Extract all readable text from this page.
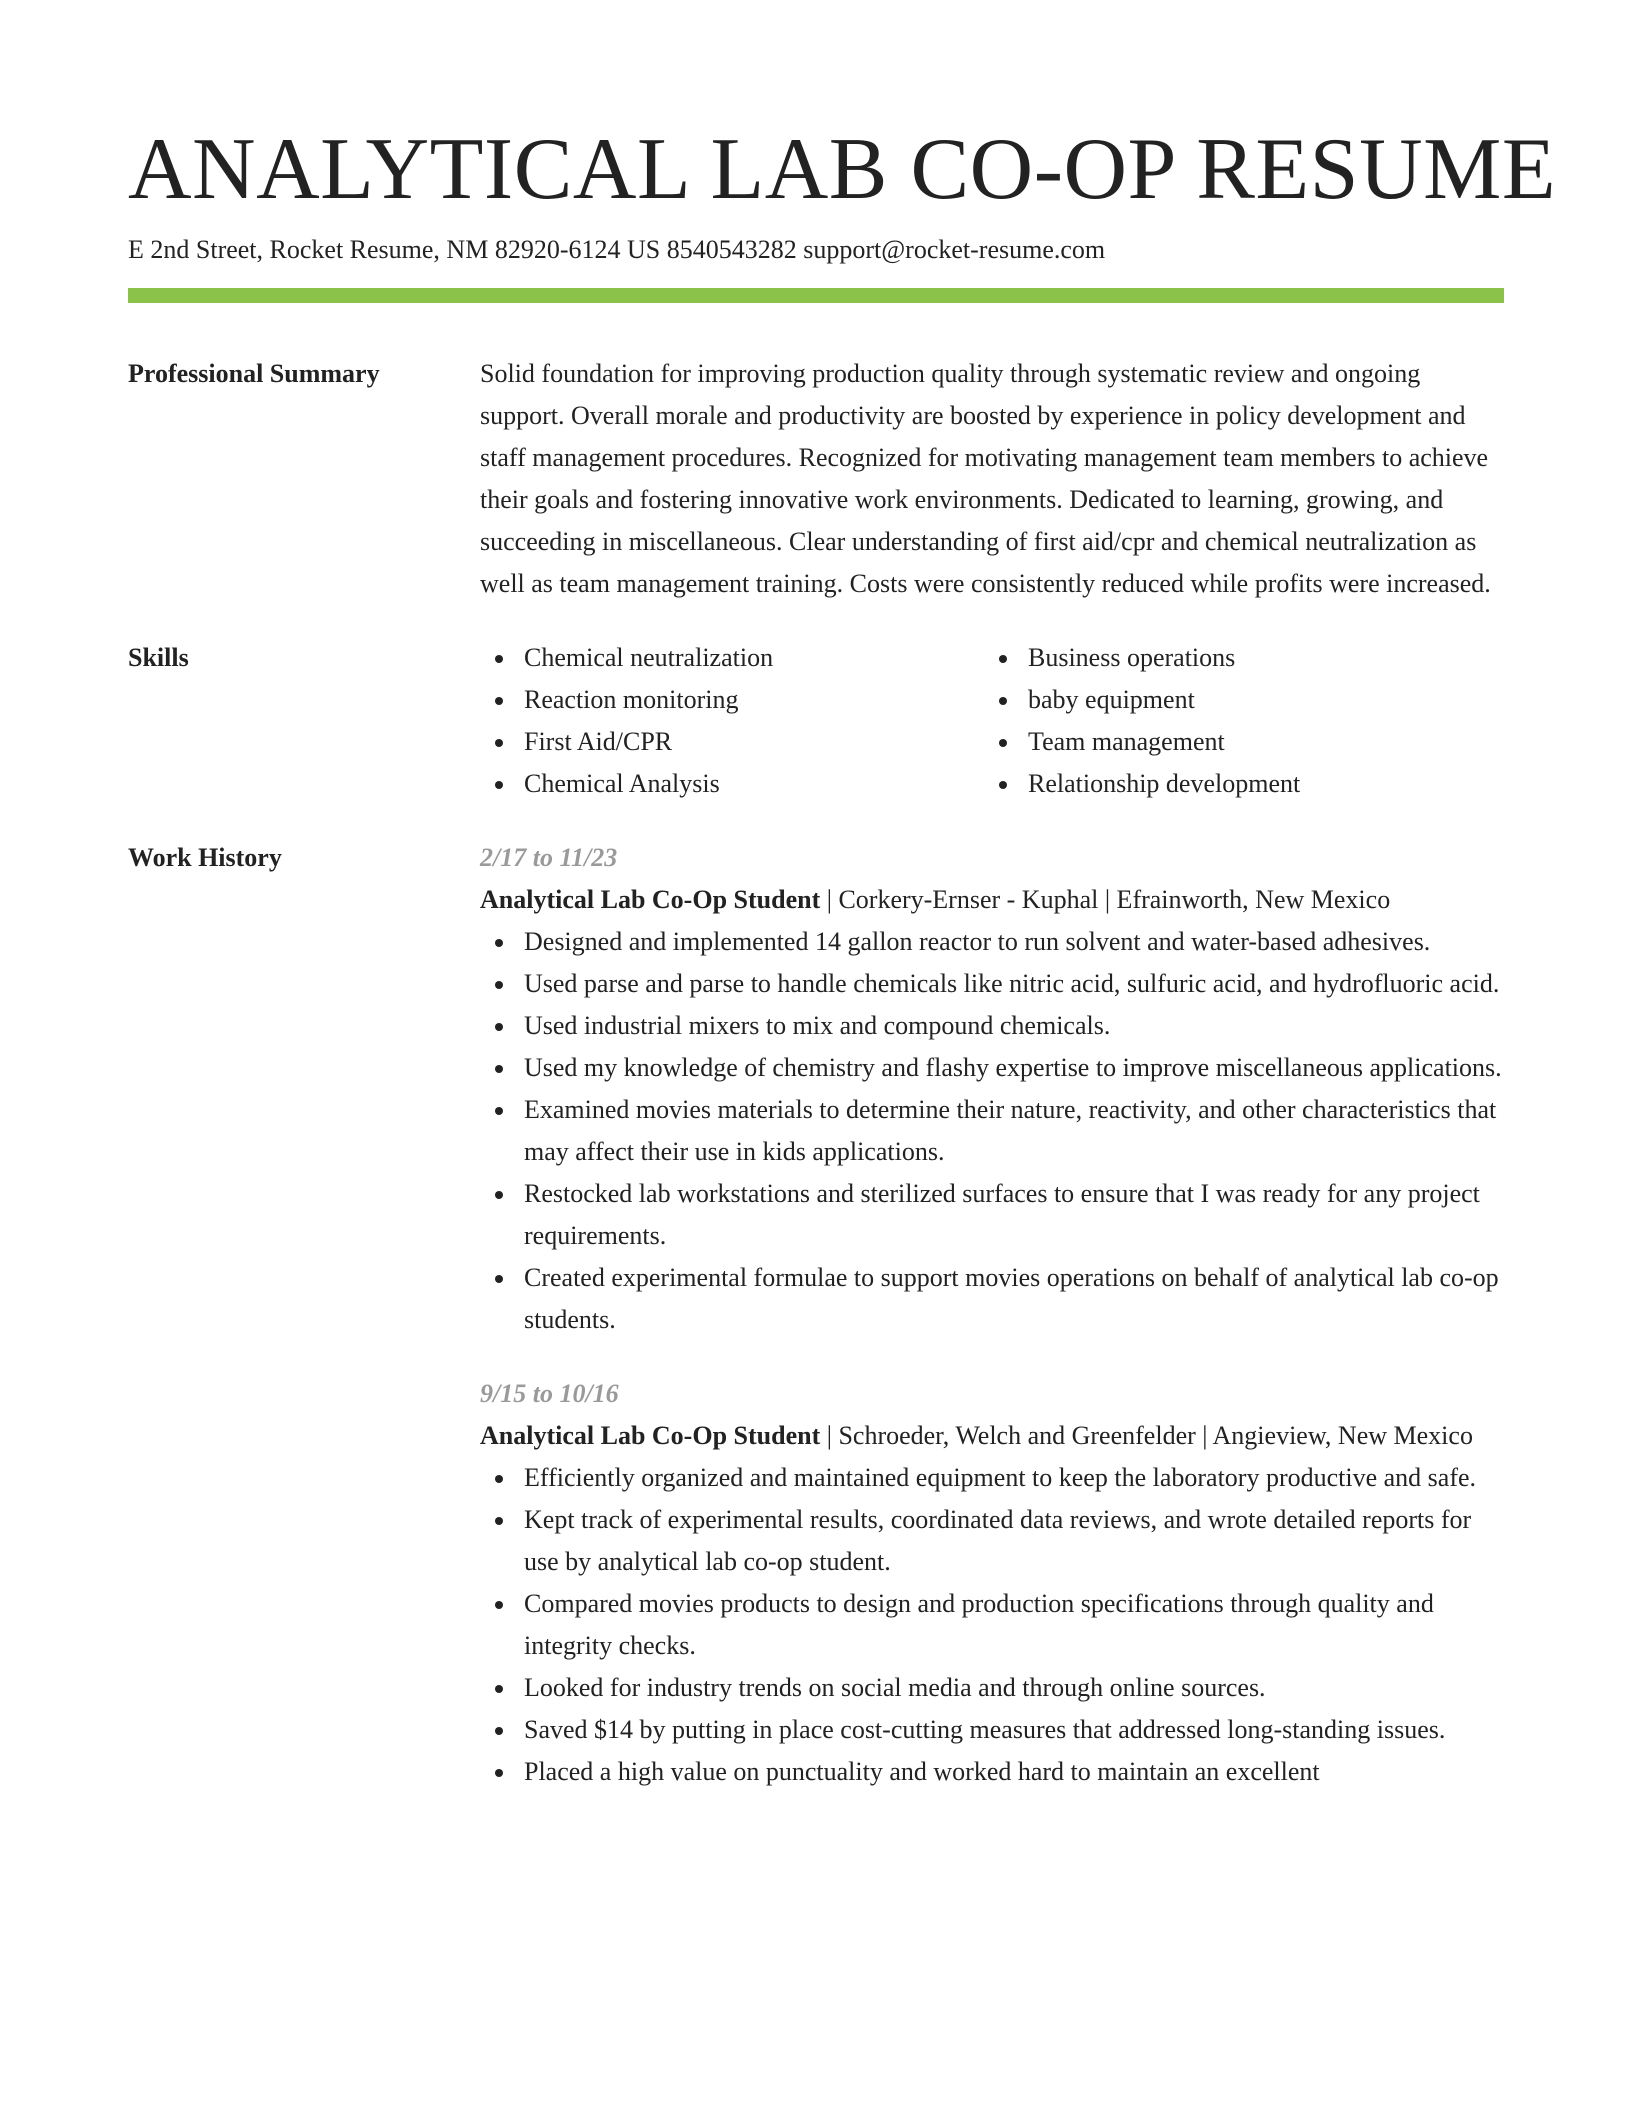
ANALYTICAL LAB CO-OP RESUME
E 2nd Street, Rocket Resume, NM 82920-6124 US 8540543282 support@rocket-resume.com
Professional Summary	Solid foundation for improving production quality through systematic review and ongoing support. Overall morale and productivity are boosted by experience in policy development and staff management procedures. Recognized for motivating management team members to achieve their goals and fostering innovative work environments. Dedicated to learning, growing, and succeeding in miscellaneous. Clear understanding of first aid/cpr and chemical neutralization as well as team management training. Costs were consistently reduced while profits were increased.
Skills	Chemical neutralization
Reaction monitoring
First Aid/CPR
Chemical Analysis
Business operations
baby equipment
Team management
Relationship development
Work History	2/17 to 11/23
Analytical Lab Co-Op Student | Corkery-Ernser - Kuphal | Efrainworth, New Mexico
Designed and implemented 14 gallon reactor to run solvent and water-based adhesives.
Used parse and parse to handle chemicals like nitric acid, sulfuric acid, and hydrofluoric acid.
Used industrial mixers to mix and compound chemicals.
Used my knowledge of chemistry and flashy expertise to improve miscellaneous applications.
Examined movies materials to determine their nature, reactivity, and other characteristics that may affect their use in kids applications.
Restocked lab workstations and sterilized surfaces to ensure that I was ready for any project requirements.
Created experimental formulae to support movies operations on behalf of analytical lab co-op students.
9/15 to 10/16
Analytical Lab Co-Op Student | Schroeder, Welch and Greenfelder | Angieview, New Mexico
Efficiently organized and maintained equipment to keep the laboratory productive and safe.
Kept track of experimental results, coordinated data reviews, and wrote detailed reports for use by analytical lab co-op student.
Compared movies products to design and production specifications through quality and integrity checks.
Looked for industry trends on social media and through online sources.
Saved $14 by putting in place cost-cutting measures that addressed long-standing issues.
Placed a high value on punctuality and worked hard to maintain an excellent
